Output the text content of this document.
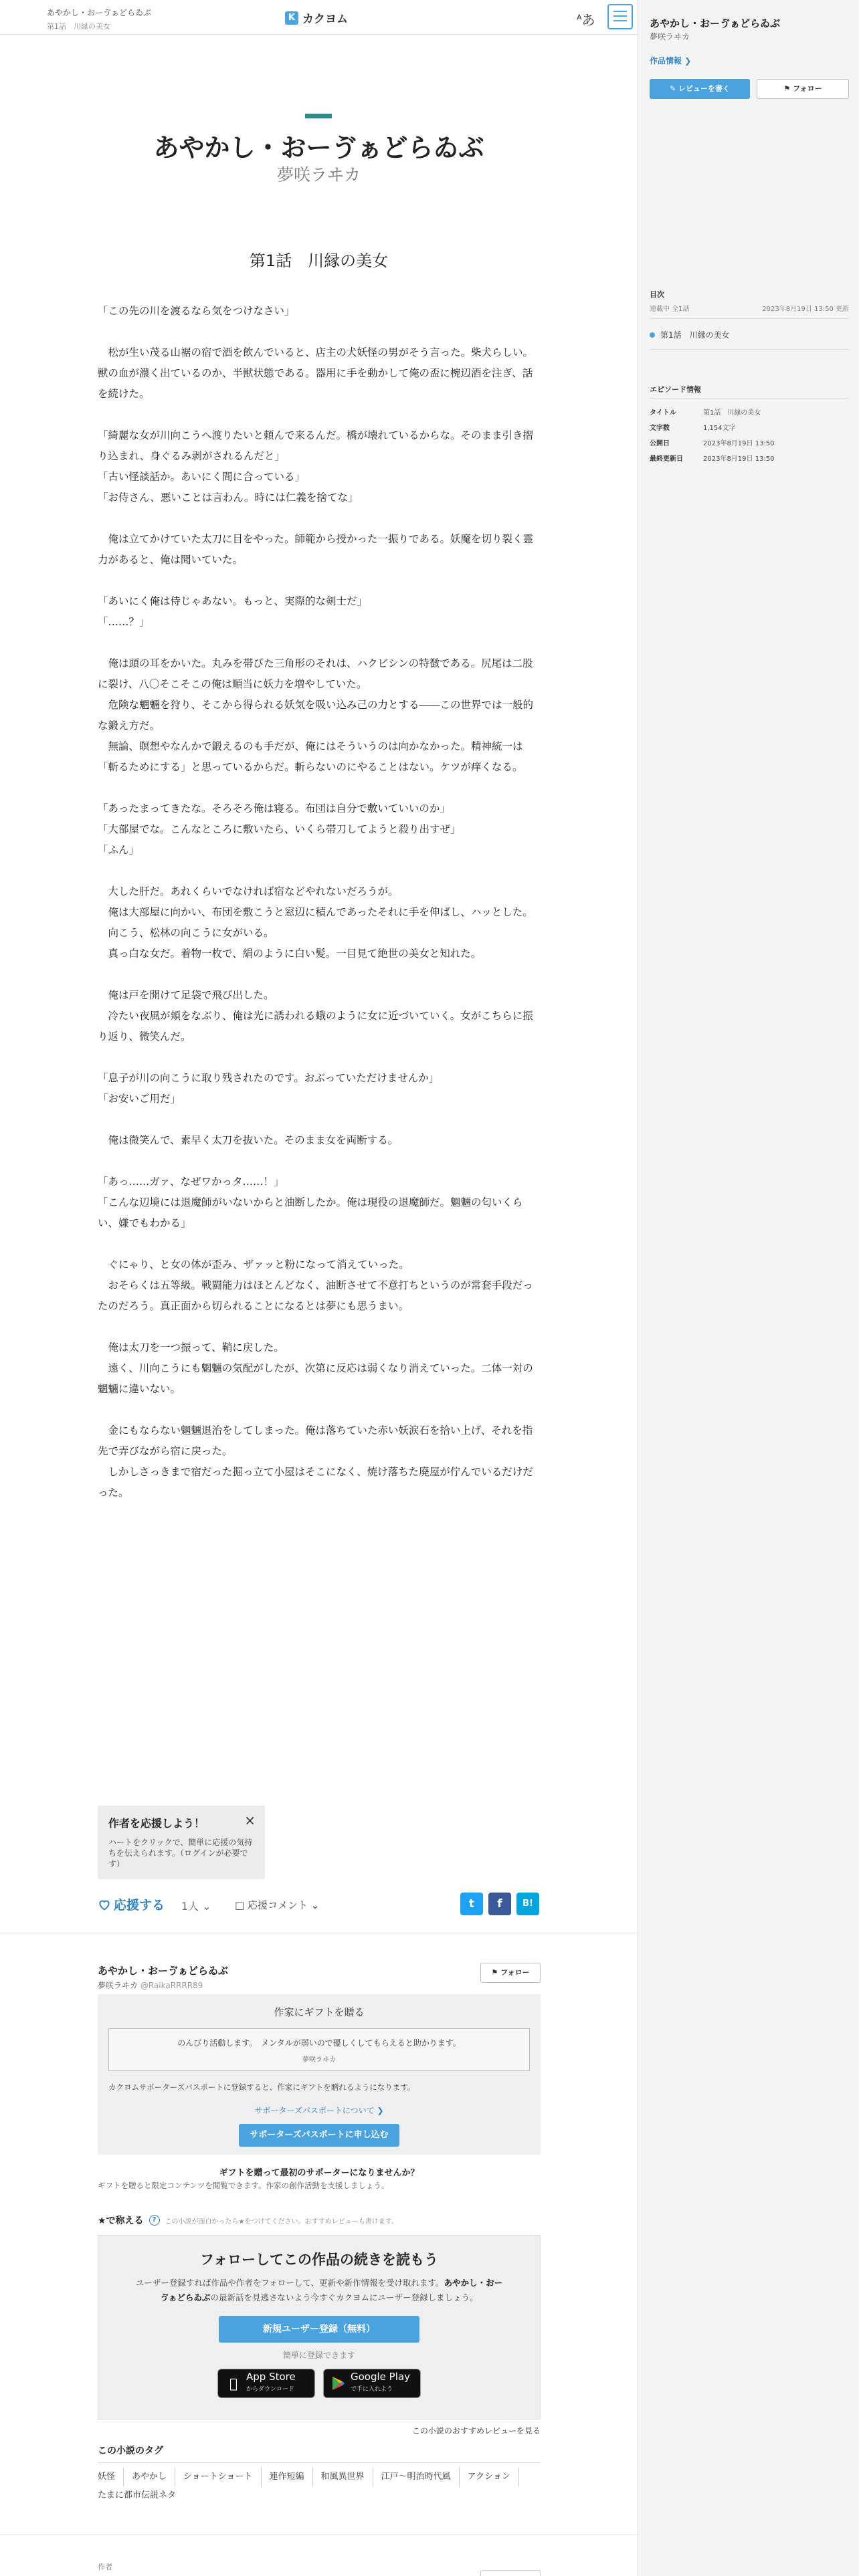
あやかし・おーゔぁどらゐぶ
第1話　川縁の美女
K カクヨム	$^A$あ	あやかし・おーゔぁどらゐぶ
夢咲ラヰカ
作品情報 ❯
✎ レビューを書く	⚑ フォロー
目次
連載中 全1話	2023年8月19日 13:50 更新
第1話　川縁の美女
エピソード情報
タイトル	第1話　川縁の美女
文字数	1,154文字
公開日	2023年8月19日 13:50
最終更新日	2023年8月19日 13:50
あやかし・おーゔぁどらゐぶ
夢咲ラヰカ
第1話　川縁の美女

「この先の川を渡るなら気をつけなさい」

　松が生い茂る山裾の宿で酒を飲んでいると、店主の犬妖怪の男がそう言った。柴犬らしい。獣の血が濃く出ているのか、半獣状態である。器用に手を動かして俺の盃に椀辺酒を注ぎ、話を続けた。

「綺麗な女が川向こうへ渡りたいと頼んで来るんだ。橋が壊れているからな。そのまま引き摺り込まれ、身ぐるみ剥がされるんだと」

「古い怪談話か。あいにく間に合っている」

「お侍さん、悪いことは言わん。時には仁義を捨てな」

　俺は立てかけていた太刀に目をやった。師範から授かった一振りである。妖魔を切り裂く霊力があると、俺は聞いていた。

「あいにく俺は侍じゃあない。もっと、実際的な剣士だ」

「……？」

　俺は頭の耳をかいた。丸みを帯びた三角形のそれは、ハクビシンの特徴である。尻尾は二股に裂け、八〇そこそこの俺は順当に妖力を増やしていた。

　危険な魍魎を狩り、そこから得られる妖気を吸い込み己の力とする――この世界では一般的な鍛え方だ。

　無論、瞑想やなんかで鍛えるのも手だが、俺にはそういうのは向かなかった。精神統一は「斬るためにする」と思っているからだ。斬らないのにやることはない。ケツが痒くなる。

「あったまってきたな。そろそろ俺は寝る。布団は自分で敷いていいのか」

「大部屋でな。こんなところに敷いたら、いくら帯刀してようと殺り出すぜ」

「ふん」

　大した肝だ。あれくらいでなければ宿などやれないだろうが。

　俺は大部屋に向かい、布団を敷こうと窓辺に積んであったそれに手を伸ばし、ハッとした。

　向こう、松林の向こうに女がいる。

　真っ白な女だ。着物一枚で、絹のように白い髪。一目見て絶世の美女と知れた。

　俺は戸を開けて足袋で飛び出した。

　冷たい夜風が頬をなぶり、俺は光に誘われる蛾のように女に近づいていく。女がこちらに振り返り、微笑んだ。

「息子が川の向こうに取り残されたのです。おぶっていただけませんか」

「お安いご用だ」

　俺は微笑んで、素早く太刀を抜いた。そのまま女を両断する。

「あっ……ガァ、なぜワかっタ……！」

「こんな辺境には退魔師がいないからと油断したか。俺は現役の退魔師だ。魍魎の匂いくらい、嫌でもわかる」

　ぐにゃり、と女の体が歪み、ザァッと粉になって消えていった。

　おそらくは五等級。戦闘能力はほとんどなく、油断させて不意打ちというのが常套手段だったのだろう。真正面から切られることになるとは夢にも思うまい。

　俺は太刀を一つ振って、鞘に戻した。

　遠く、川向こうにも魍魎の気配がしたが、次第に反応は弱くなり消えていった。二体一対の魍魎に違いない。

　金にもならない魍魎退治をしてしまった。俺は落ちていた赤い妖涙石を拾い上げ、それを指先で弄びながら宿に戻った。

　しかしさっきまで宿だった掘っ立て小屋はそこになく、焼け落ちた廃屋が佇んでいるだけだった。

作者を応援しよう！
ハートをクリックで、簡単に応援の気持ちを伝えられます。（ログインが必要です）
×
応援する 1人 ⌄ □ 応援コメント ⌄	t	f	B!
あやかし・おーゔぁどらゐぶ
夢咲ラヰカ @RaikaRRRR89
⚑ フォロー
作家にギフトを贈る
のんびり活動します。　メンタルが弱いので優しくしてもらえると助かります。
夢咲ラヰカ
カクヨムサポーターズパスポートに登録すると、作家にギフトを贈れるようになります。
サポーターズパスポートについて ❯
サポーターズパスポートに申し込む
ギフトを贈って最初のサポーターになりませんか？
ギフトを贈ると限定コンテンツを閲覧できます。作家の創作活動を支援しましょう。
★で称える	?	この小説が面白かったら★をつけてください。おすすめレビューも書けます。
フォローしてこの作品の続きを読もう
ユーザー登録すれば作品や作者をフォローして、更新や新作情報を受け取れます。あやかし・おーゔぁどらゐぶの最新話を見逃さないよう今すぐカクヨムにユーザー登録しましょう。
新規ユーザー登録（無料）
簡単に登録できます
App Store
からダウンロード
Google Play
で手に入れよう
この小説のおすすめレビューを見る
この小説のタグ
妖怪	あやかし	ショートショート	連作短編	和風異世界	江戸〜明治時代風	アクション
たまに都市伝説ネタ
作者
